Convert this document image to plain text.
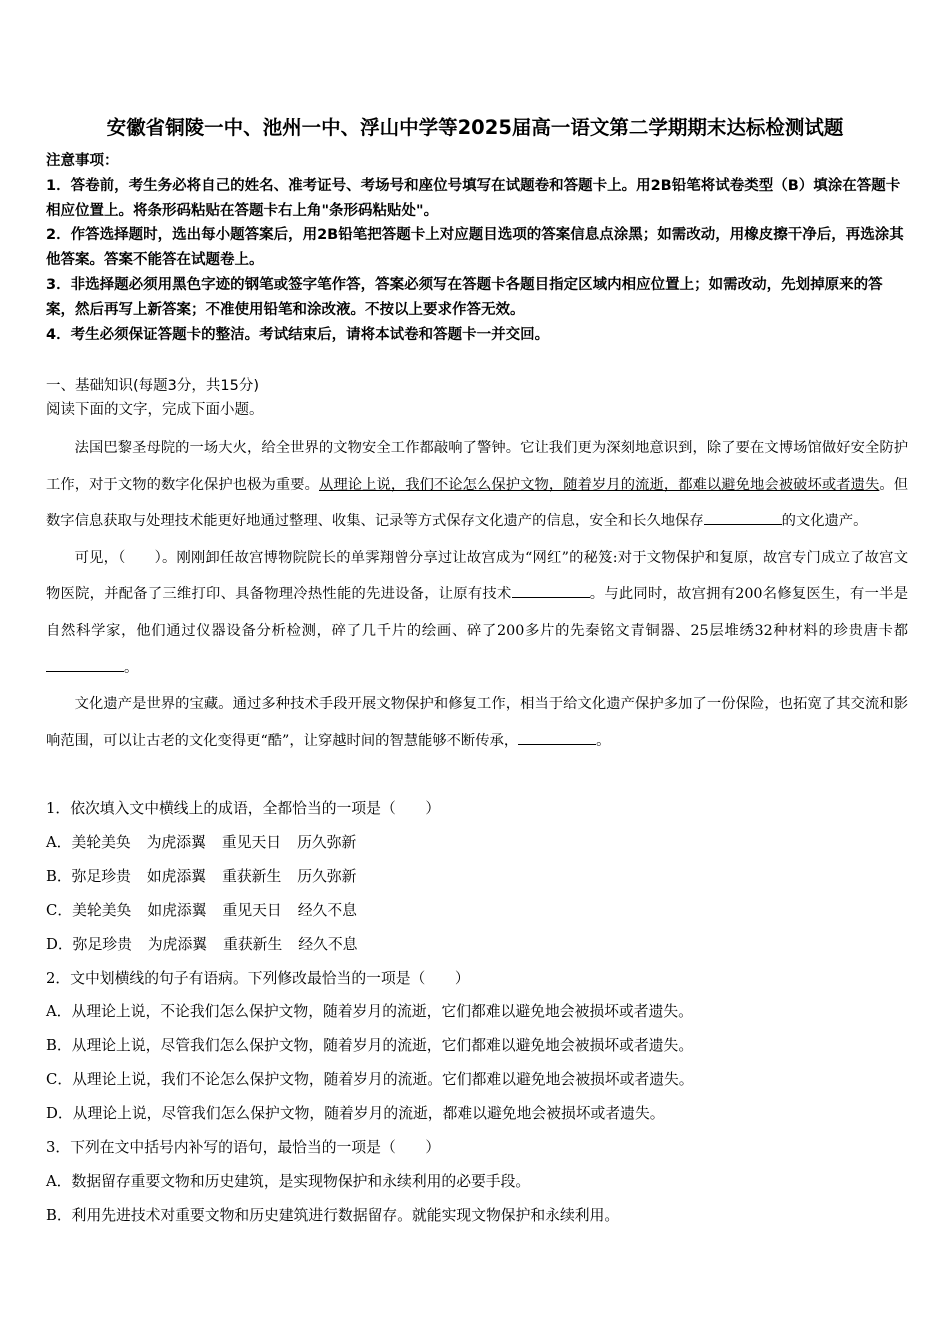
安徽省铜陵一中、池州一中、浮山中学等2025届高一语文第二学期期末达标检测试题

注意事项：

1．答卷前，考生务必将自己的姓名、准考证号、考场号和座位号填写在试题卷和答题卡上。用2B铅笔将试卷类型（B）填涂在答题卡相应位置上。将条形码粘贴在答题卡右上角"条形码粘贴处"。

2．作答选择题时，选出每小题答案后，用2B铅笔把答题卡上对应题目选项的答案信息点涂黑；如需改动，用橡皮擦干净后，再选涂其他答案。答案不能答在试题卷上。

3．非选择题必须用黑色字迹的钢笔或签字笔作答，答案必须写在答题卡各题目指定区域内相应位置上；如需改动，先划掉原来的答案，然后再写上新答案；不准使用铅笔和涂改液。不按以上要求作答无效。

4．考生必须保证答题卡的整洁。考试结束后，请将本试卷和答题卡一并交回。

一、基础知识(每题3分，共15分)

阅读下面的文字，完成下面小题。

法国巴黎圣母院的一场大火，给全世界的文物安全工作都敲响了警钟。它让我们更为深刻地意识到，除了要在文博场馆做好安全防护工作，对于文物的数字化保护也极为重要。从理论上说，我们不论怎么保护文物，随着岁月的流逝，都难以避免地会被破坏或者遗失。但数字信息获取与处理技术能更好地通过整理、收集、记录等方式保存文化遗产的信息，安全和长久地保存	的文化遗产。

可见，（　　）。刚刚卸任故宫博物院院长的单霁翔曾分享过让故宫成为“网红”的秘笈:对于文物保护和复原，故宫专门成立了故宫文物医院，并配备了三维打印、具备物理冷热性能的先进设备，让原有技术	。与此同时，故宫拥有200名修复医生，有一半是自然科学家，他们通过仪器设备分析检测，碎了几千片的绘画、碎了200多片的先秦铭文青铜器、25层堆绣32种材料的珍贵唐卡都。

文化遗产是世界的宝藏。通过多种技术手段开展文物保护和修复工作，相当于给文化遗产保护多加了一份保险，也拓宽了其交流和影响范围，可以让古老的文化变得更“酷”，让穿越时间的智慧能够不断传承，	。

1．依次填入文中横线上的成语，全都恰当的一项是（　　）

A．美轮美奂 为虎添翼 重见天日 历久弥新

B．弥足珍贵 如虎添翼 重获新生 历久弥新

C．美轮美奂 如虎添翼 重见天日 经久不息

D．弥足珍贵 为虎添翼 重获新生 经久不息

2．文中划横线的句子有语病。下列修改最恰当的一项是（　　）

A．从理论上说，不论我们怎么保护文物，随着岁月的流逝，它们都难以避免地会被损坏或者遗失。

B．从理论上说，尽管我们怎么保护文物，随着岁月的流逝，它们都难以避免地会被损坏或者遗失。

C．从理论上说，我们不论怎么保护文物，随着岁月的流逝。它们都难以避免地会被损坏或者遗失。

D．从理论上说，尽管我们怎么保护文物，随着岁月的流逝，都难以避免地会被损坏或者遗失。

3．下列在文中括号内补写的语句，最恰当的一项是（　　）

A．数据留存重要文物和历史建筑，是实现物保护和永续利用的必要手段。

B．利用先进技术对重要文物和历史建筑进行数据留存。就能实现文物保护和永续利用。
